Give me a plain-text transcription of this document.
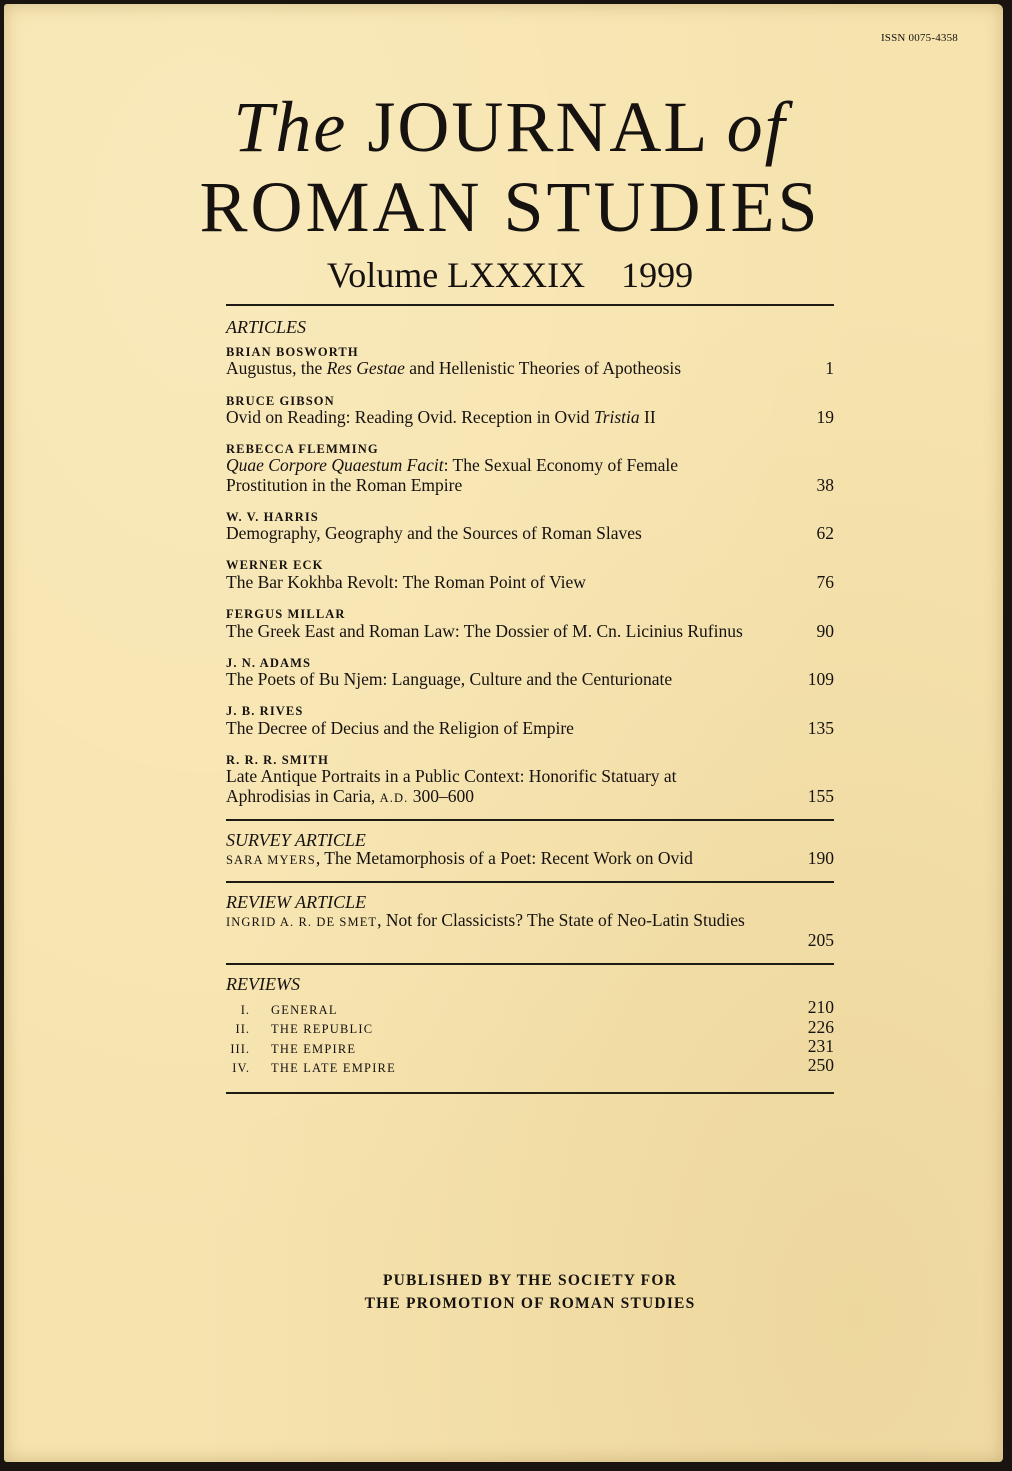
ISSN 0075-4358
The JOURNAL of
ROMAN STUDIES
Volume LXXXIX 1999
ARTICLES
BRIAN BOSWORTH
Augustus, the Res Gestae and Hellenistic Theories of Apotheosis	1
BRUCE GIBSON
Ovid on Reading: Reading Ovid. Reception in Ovid Tristia II	19
REBECCA FLEMMING
Quae Corpore Quaestum Facit: The Sexual Economy of Female
Prostitution in the Roman Empire	38
W. V. HARRIS
Demography, Geography and the Sources of Roman Slaves	62
WERNER ECK
The Bar Kokhba Revolt: The Roman Point of View	76
FERGUS MILLAR
The Greek East and Roman Law: The Dossier of M. Cn. Licinius Rufinus	90
J. N. ADAMS
The Poets of Bu Njem: Language, Culture and the Centurionate	109
J. B. RIVES
The Decree of Decius and the Religion of Empire	135
R. R. R. SMITH
Late Antique Portraits in a Public Context: Honorific Statuary at
Aphrodisias in Caria, A.D. 300–600	155
SURVEY ARTICLE
SARA MYERS, The Metamorphosis of a Poet: Recent Work on Ovid	190
REVIEW ARTICLE
INGRID A. R. DE SMET, Not for Classicists? The State of Neo-Latin Studies
205
REVIEWS
I. GENERAL	210
II. THE REPUBLIC	226
III. THE EMPIRE	231
IV. THE LATE EMPIRE	250
PUBLISHED BY THE SOCIETY FOR
THE PROMOTION OF ROMAN STUDIES
